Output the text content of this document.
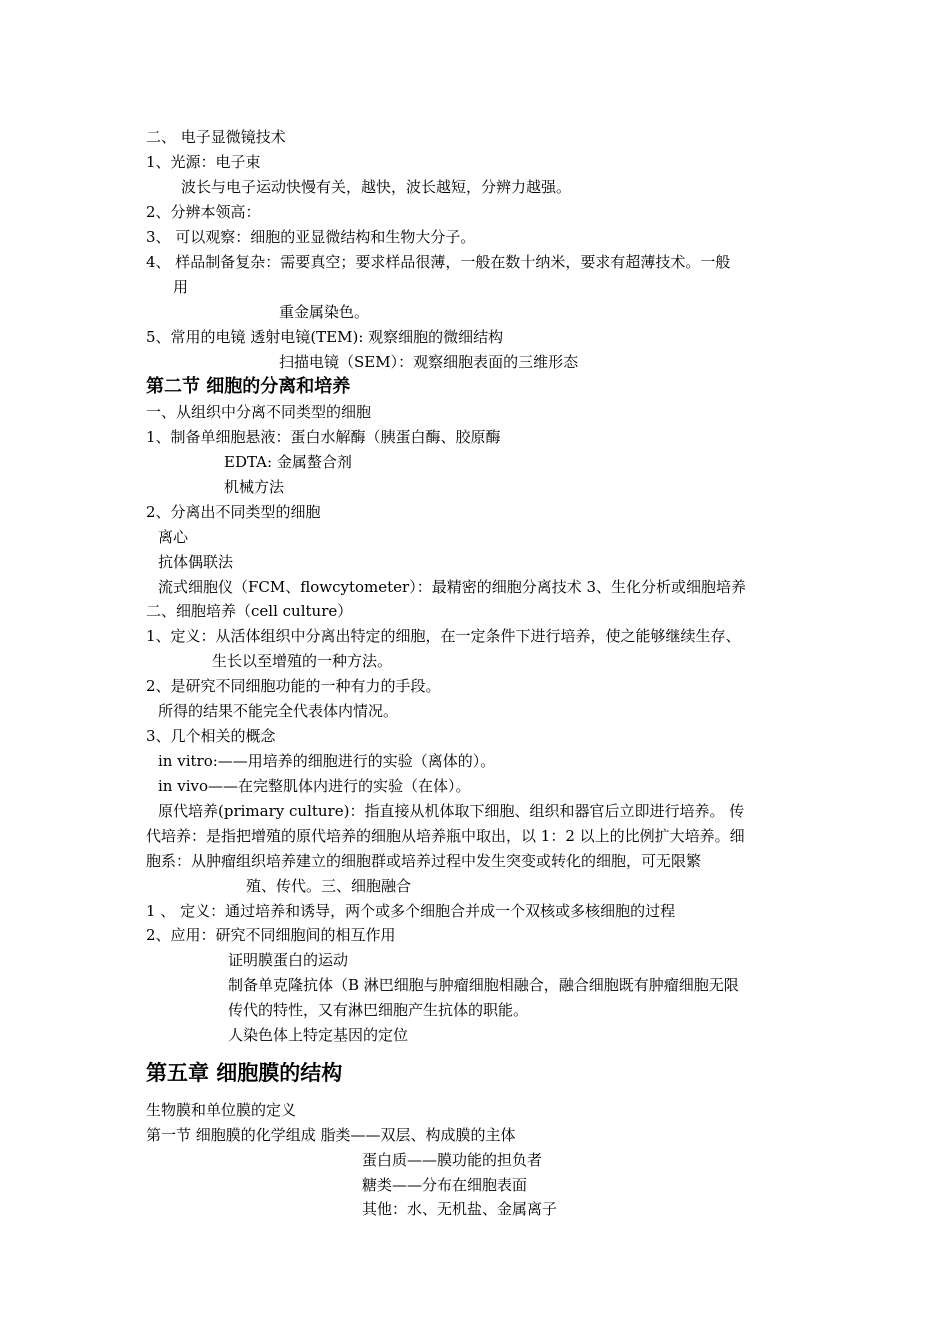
二、 电子显微镜技术
1、光源：电子束
波长与电子运动快慢有关，越快，波长越短，分辨力越强。
2、分辨本领高：
3、 可以观察：细胞的亚显微结构和生物大分子。
4、 样品制备复杂：需要真空；要求样品很薄，一般在数十纳米，要求有超薄技术。一般
用
重金属染色。
5、常用的电镜 透射电镜(TEM): 观察细胞的微细结构
扫描电镜（SEM）：观察细胞表面的三维形态
第二节 细胞的分离和培养
一、从组织中分离不同类型的细胞
1、制备单细胞悬液：蛋白水解酶（胰蛋白酶、胶原酶
EDTA: 金属螯合剂
机械方法
2、分离出不同类型的细胞
离心
抗体偶联法
流式细胞仪（FCM、flowcytometer）：最精密的细胞分离技术 3、生化分析或细胞培养
二、细胞培养（cell culture）
1、定义：从活体组织中分离出特定的细胞，在一定条件下进行培养，使之能够继续生存、
生长以至增殖的一种方法。
2、是研究不同细胞功能的一种有力的手段。
所得的结果不能完全代表体内情况。
3、几个相关的概念
in vitro:——用培养的细胞进行的实验（离体的）。
in vivo——在完整肌体内进行的实验（在体）。
原代培养(primary culture)：指直接从机体取下细胞、组织和器官后立即进行培养。 传
代培养：是指把增殖的原代培养的细胞从培养瓶中取出，以 1：2 以上的比例扩大培养。细
胞系：从肿瘤组织培养建立的细胞群或培养过程中发生突变或转化的细胞，可无限繁
殖、传代。三、细胞融合
1 、 定义：通过培养和诱导，两个或多个细胞合并成一个双核或多核细胞的过程
2、应用：研究不同细胞间的相互作用
证明膜蛋白的运动
制备单克隆抗体（B 淋巴细胞与肿瘤细胞相融合，融合细胞既有肿瘤细胞无限
传代的特性，又有淋巴细胞产生抗体的职能。
人染色体上特定基因的定位
第五章 细胞膜的结构
生物膜和单位膜的定义
第一节 细胞膜的化学组成 脂类——双层、构成膜的主体
蛋白质——膜功能的担负者
糖类——分布在细胞表面
其他：水、无机盐、金属离子
